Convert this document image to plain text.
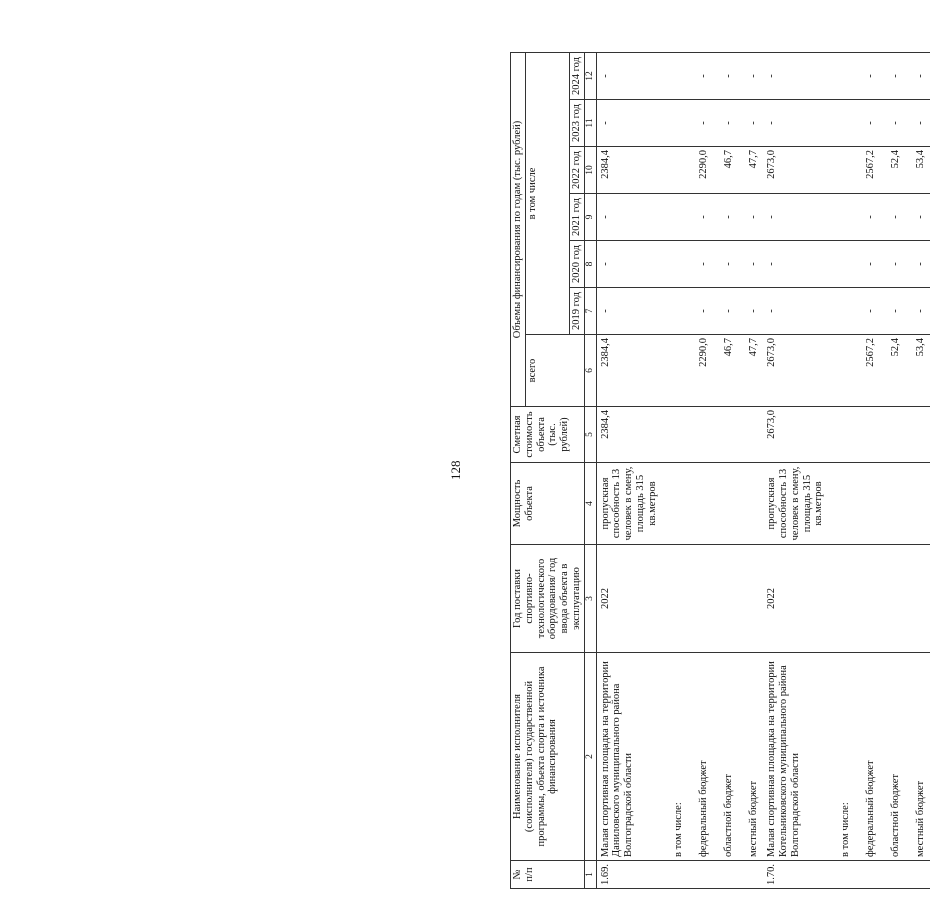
128
№ п/п	Наименование исполнителя (соисполнителя) государственной программы, объекта спорта и источника финансирования	Год поставки спортивно-технологического оборудования/ год ввода объекта в эксплуатацию	Мощность объекта	Сметная стоимость объекта (тыс. рублей)	Объемы финансирования по годам (тыс. рублей)						
					всего	в том числе					
						2019 год	2020 год	2021 год	2022 год	2023 год	2024 год
1	2	3	4	5	6	7	8	9	10	11	12
1.69.	Малая спортивная площадка на территории Даниловского муниципального района Волгоградской области	2022	пропускная способность 13 человек в смену, площадь 315 кв.метров	2384,4	2384,4	-	-	-	2384,4	-	-
	в том числе:										
	федеральный бюджет				2290,0	-	-	-	2290,0	-	-
	областной бюджет				46,7	-	-	-	46,7	-	-
	местный бюджет				47,7	-	-	-	47,7	-	-
1.70.	Малая спортивная площадка на территории Котельниковского муниципального района Волгоградской области	2022	пропускная способность 13 человек в смену, площадь 315 кв.метров	2673,0	2673,0	-	-	-	2673,0	-	-
	в том числе:										
	федеральный бюджет				2567,2	-	-	-	2567,2	-	-
	областной бюджет				52,4	-	-	-	52,4	-	-
	местный бюджет				53,4	-	-	-	53,4	-	-
